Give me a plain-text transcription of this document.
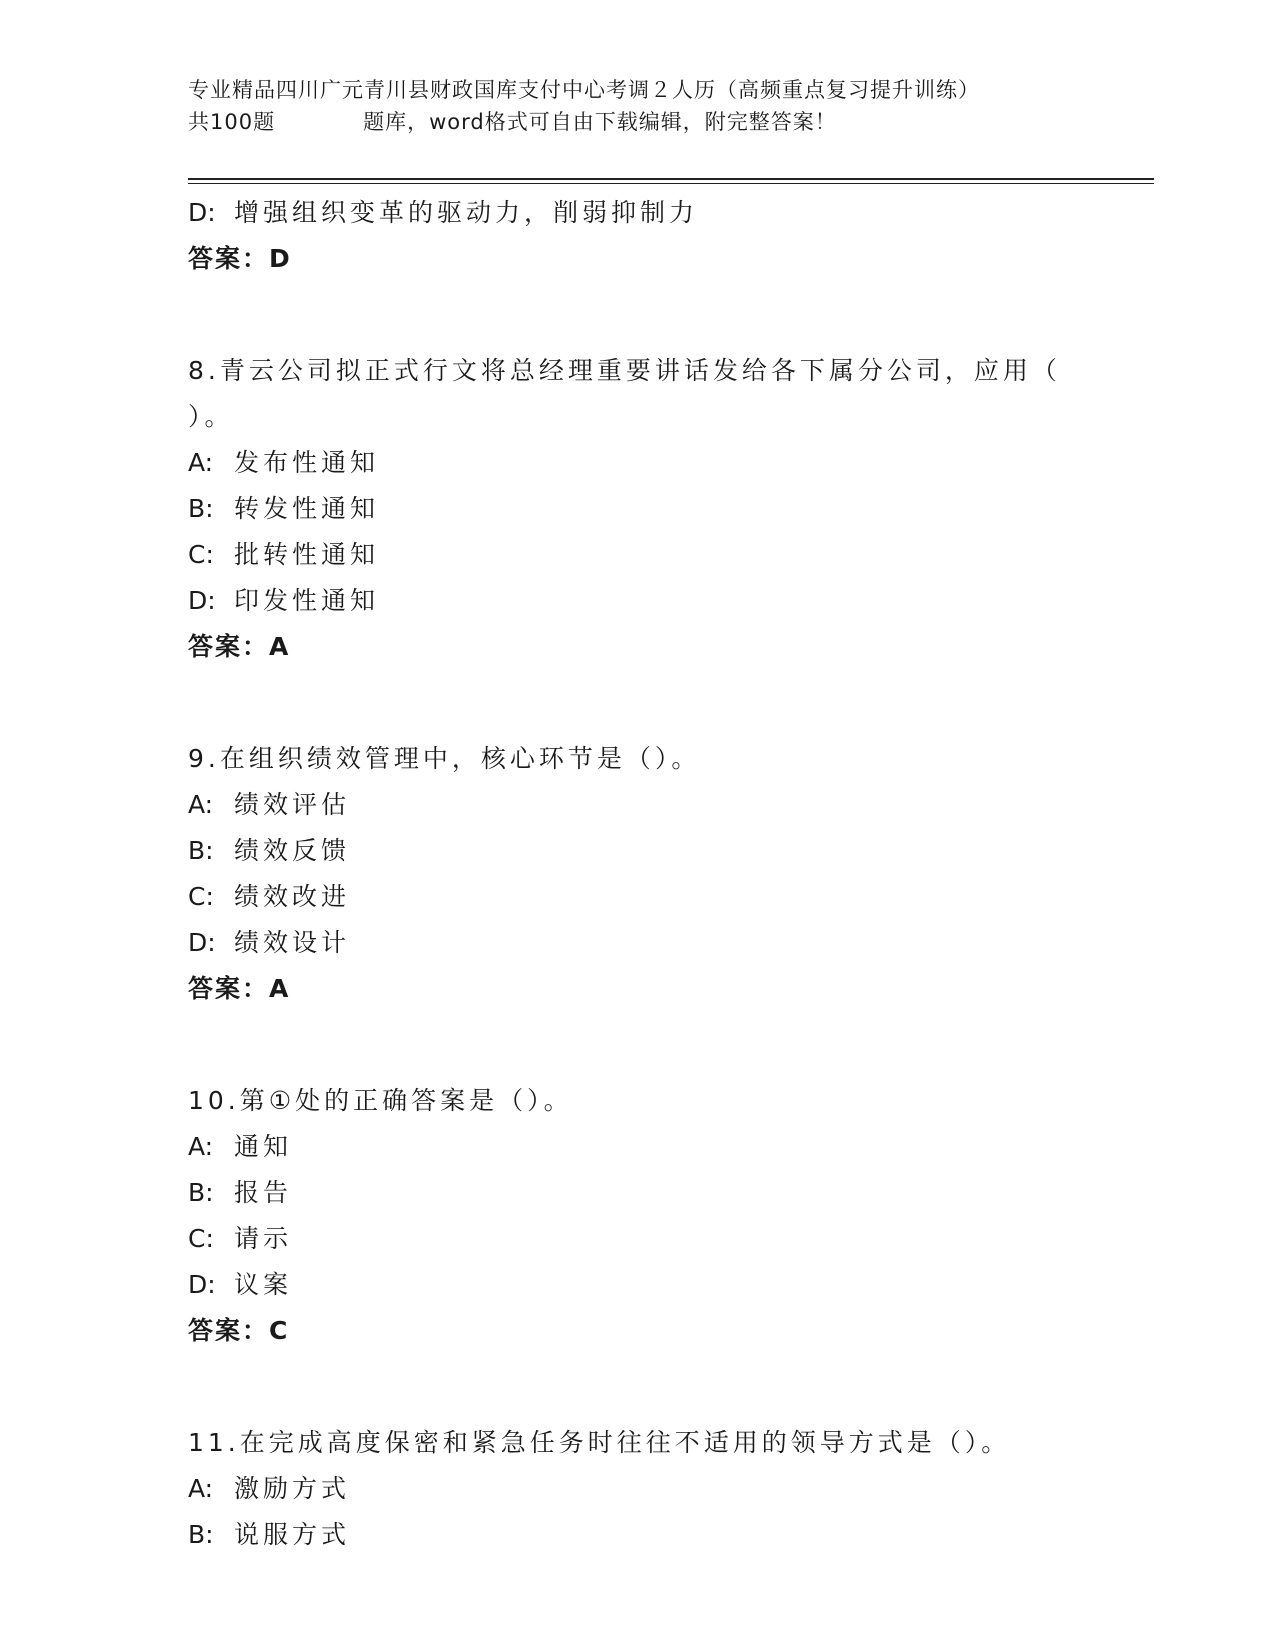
专业精品四川广元青川县财政国库支付中心考调２人历（高频重点复习提升训练）
共100题	题库，word格式可自由下载编辑，附完整答案！
D: 增强组织变革的驱动力，削弱抑制力
答案：D
8.青云公司拟正式行文将总经理重要讲话发给各下属分公司，应用（
）。
A: 发布性通知
B: 转发性通知
C: 批转性通知
D: 印发性通知
答案：A
9.在组织绩效管理中，核心环节是（）。
A: 绩效评估
B: 绩效反馈
C: 绩效改进
D: 绩效设计
答案：A
10.第①处的正确答案是（）。
A: 通知
B: 报告
C: 请示
D: 议案
答案：C
11.在完成高度保密和紧急任务时往往不适用的领导方式是（）。
A: 激励方式
B: 说服方式
